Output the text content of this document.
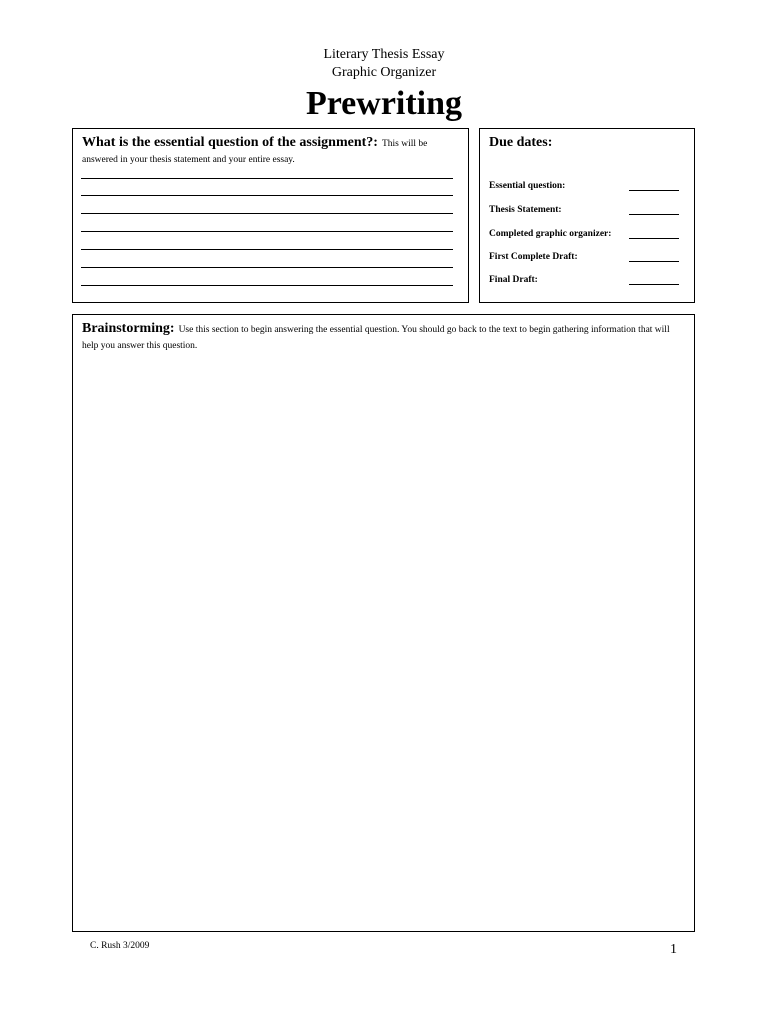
Literary Thesis Essay
Graphic Organizer
Prewriting
What is the essential question of the assignment?: This will be answered in your thesis statement and your entire essay.
Due dates:
Essential question:
Thesis Statement:
Completed graphic organizer:
First Complete Draft:
Final Draft:
Brainstorming: Use this section to begin answering the essential question. You should go back to the text to begin gathering information that will help you answer this question.
C. Rush 3/2009	1
